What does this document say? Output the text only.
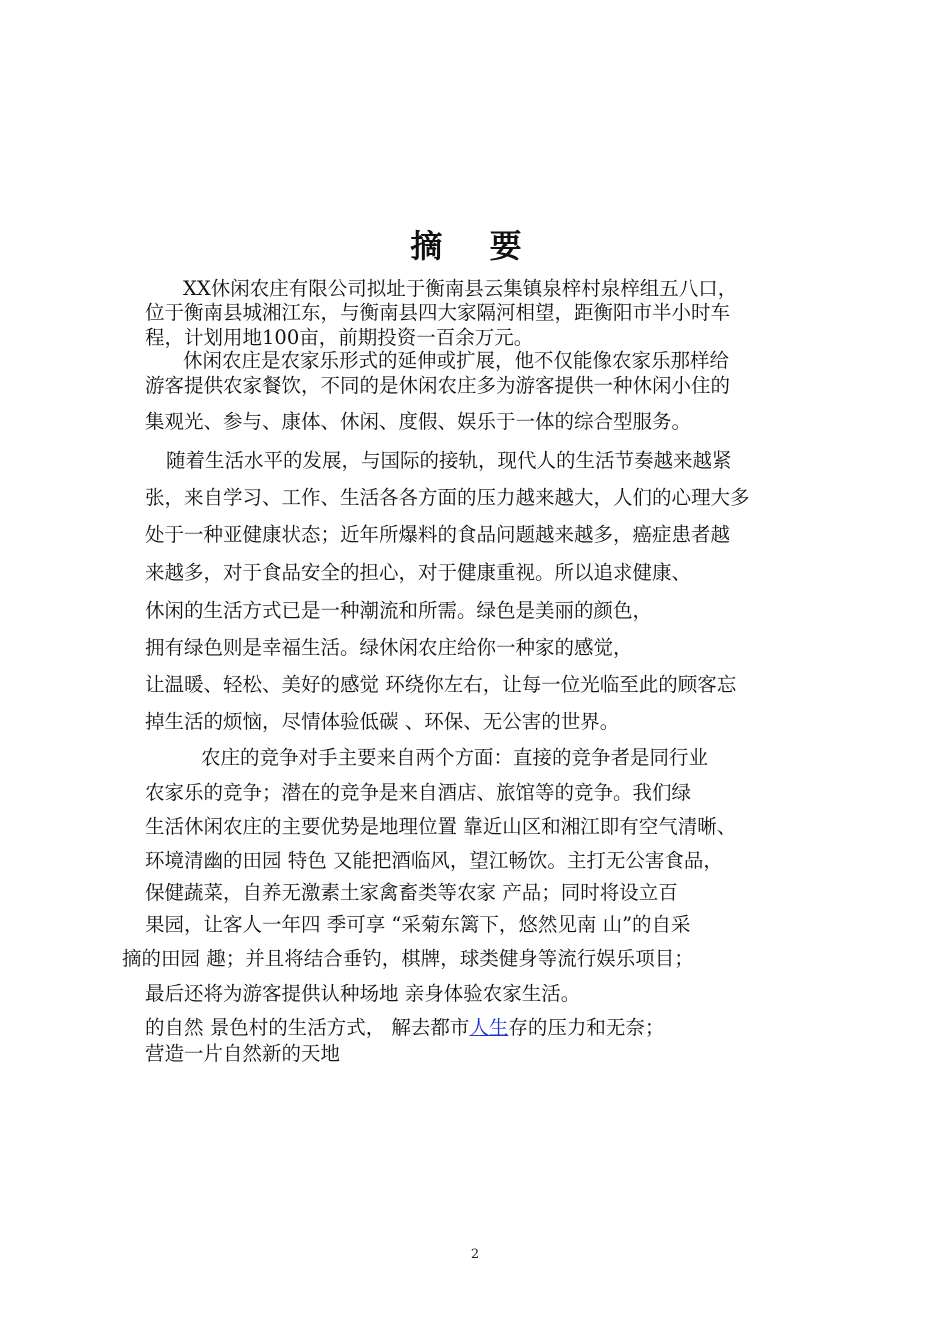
摘 要
XX休闲农庄有限公司拟址于衡南县云集镇泉梓村泉梓组五八口，
位于衡南县城湘江东，与衡南县四大家隔河相望，距衡阳市半小时车
程，计划用地100亩，前期投资一百余万元。
休闲农庄是农家乐形式的延伸或扩展，他不仅能像农家乐那样给
游客提供农家餐饮，不同的是休闲农庄多为游客提供一种休闲小住的
集观光、参与、康体、休闲、度假、娱乐于一体的综合型服务。
随着生活水平的发展，与国际的接轨，现代人的生活节奏越来越紧
张，来自学习、工作、生活各各方面的压力越来越大，人们的心理大多
处于一种亚健康状态；近年所爆料的食品问题越来越多，癌症患者越
来越多，对于食品安全的担心，对于健康重视。所以追求健康、
休闲的生活方式已是一种潮流和所需。绿色是美丽的颜色，
拥有绿色则是幸福生活。绿休闲农庄给你一种家的感觉，
让温暖、轻松、美好的感觉 环绕你左右，让每一位光临至此的顾客忘
掉生活的烦恼，尽情体验低碳 、环保、无公害的世界。
农庄的竞争对手主要来自两个方面：直接的竞争者是同行业
农家乐的竞争；潜在的竞争是来自酒店、旅馆等的竞争。我们绿
生活休闲农庄的主要优势是地理位置 靠近山区和湘江即有空气清晰、
环境清幽的田园 特色 又能把酒临风，望江畅饮。主打无公害食品，
保健蔬菜，自养无激素土家禽畜类等农家 产品；同时将设立百
果园，让客人一年四 季可享 “采菊东篱下，悠然见南 山”的自采
摘的田园 趣；并且将结合垂钓，棋牌，球类健身等流行娱乐项目；
最后还将为游客提供认种场地 亲身体验农家生活。
的自然 景色村的生活方式， 解去都市人生存的压力和无奈；
营造一片自然新的天地
2
